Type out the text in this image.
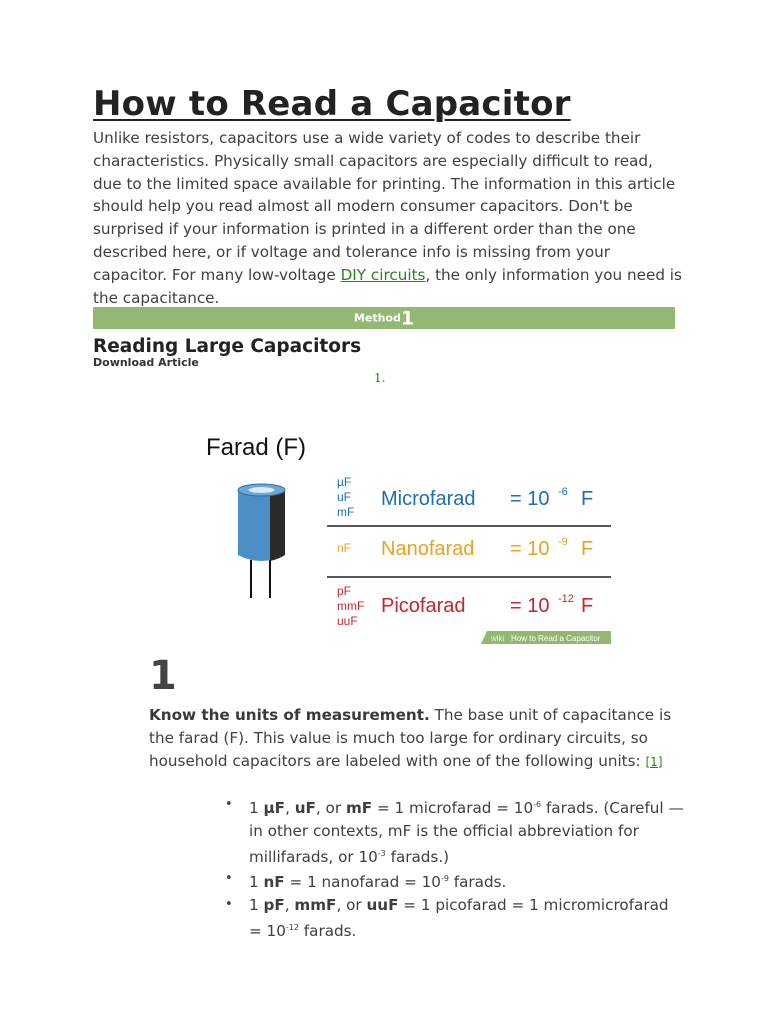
How to Read a Capacitor

Unlike resistors, capacitors use a wide variety of codes to describe their characteristics. Physically small capacitors are especially difficult to read, due to the limited space available for printing. The information in this article should help you read almost all modern consumer capacitors. Don't be surprised if your information is printed in a different order than the one described here, or if voltage and tolerance info is missing from your capacitor. For many low-voltage DIY circuits, the only information you need is the capacitance.

Method1
Reading Large Capacitors
Download Article
1.
Farad (F)
µF
uF
mF
Microfarad = 10 -6 F
nF Nanofarad = 10 -9 F
pF
mmF
uuF
Picofarad = 10 -12 F
wiki How to Read a Capacitor
1

Know the units of measurement. The base unit of capacitance is the farad (F). This value is much too large for ordinary circuits, so household capacitors are labeled with one of the following units: [1]

• 1 µF, uF, or mF = 1 microfarad = $10^{-6}$ farads. (Careful — in other contexts, mF is the official abbreviation for millifarads, or $10^{-3}$ farads.)
• 1 nF = 1 nanofarad = $10^{-9}$ farads.
• 1 pF, mmF, or uuF = 1 picofarad = 1 micromicrofarad = $10^{-12}$ farads.
